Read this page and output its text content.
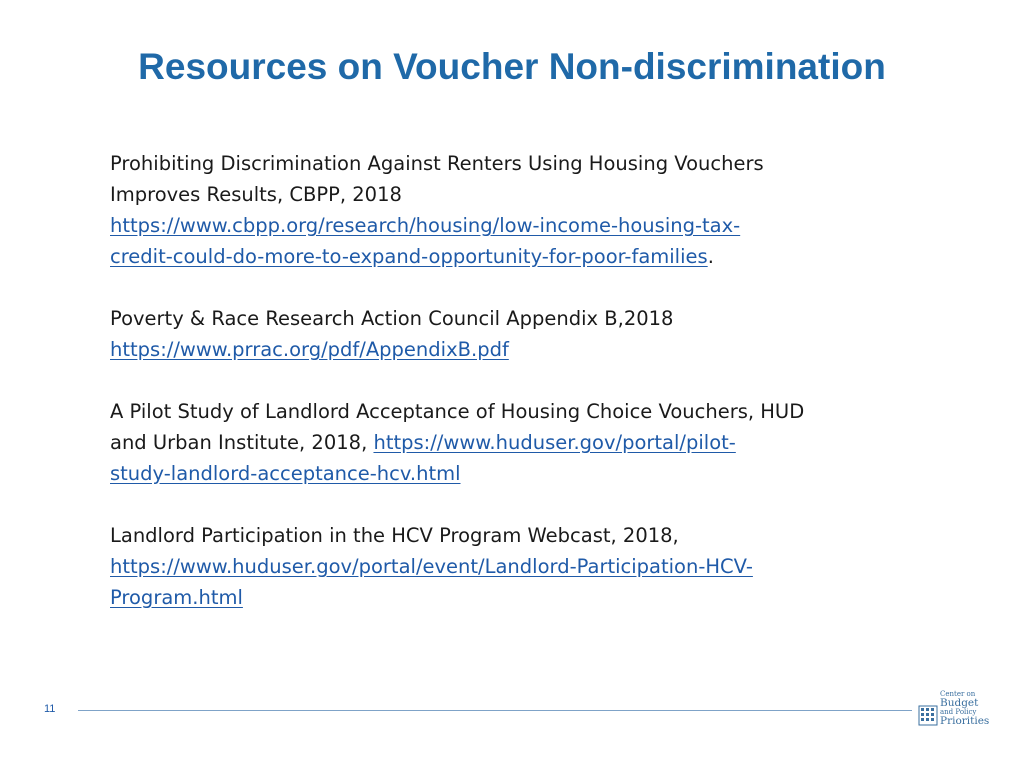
Resources on Voucher Non-discrimination
Prohibiting Discrimination Against Renters Using Housing Vouchers
Improves Results, CBPP, 2018
https://www.cbpp.org/research/housing/low-income-housing-tax-
credit-could-do-more-to-expand-opportunity-for-poor-families.
Poverty & Race Research Action Council Appendix B,2018
https://www.prrac.org/pdf/AppendixB.pdf
A Pilot Study of Landlord Acceptance of Housing Choice Vouchers, HUD
and Urban Institute, 2018, https://www.huduser.gov/portal/pilot-
study-landlord-acceptance-hcv.html
Landlord Participation in the HCV Program Webcast, 2018,
https://www.huduser.gov/portal/event/Landlord-Participation-HCV-
Program.html
11
Center on
Budget
and Policy
Priorities
